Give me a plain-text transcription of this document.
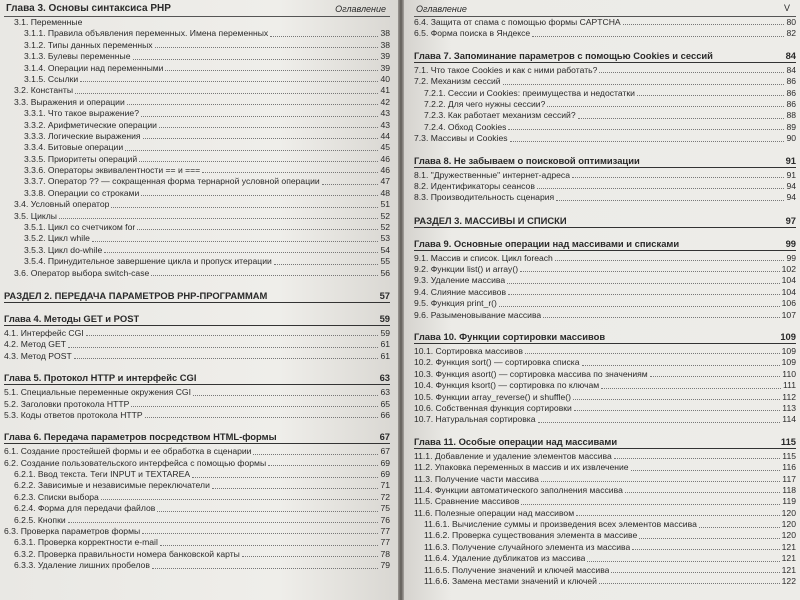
Глава 3. Основы синтаксиса PHP	Оглавление
3.1. Переменные
3.1.1. Правила объявления переменных. Имена переменных	38
3.1.2. Типы данных переменных	38
3.1.3. Булевы переменные	39
3.1.4. Операции над переменными	39
3.1.5. Ссылки	40
3.2. Константы	41
3.3. Выражения и операции	42
3.3.1. Что такое выражение?	43
3.3.2. Арифметические операции	43
3.3.3. Логические выражения	44
3.3.4. Битовые операции	45
3.3.5. Приоритеты операций	46
3.3.6. Операторы эквивалентности == и ===	46
3.3.7. Оператор ?? — сокращенная форма тернарной условной операции	47
3.3.8. Операции со строками	48
3.4. Условный оператор	51
3.5. Циклы	52
3.5.1. Цикл со счетчиком for	52
3.5.2. Цикл while	53
3.5.3. Цикл do-while	54
3.5.4. Принудительное завершение цикла и пропуск итерации	55
3.6. Оператор выбора switch-case	56
РАЗДЕЛ 2. ПЕРЕДАЧА ПАРАМЕТРОВ PHP-ПРОГРАММАМ	57
Глава 4. Методы GET и POST	59
4.1. Интерфейс CGI	59
4.2. Метод GET	61
4.3. Метод POST	61
Глава 5. Протокол HTTP и интерфейс CGI	63
5.1. Специальные переменные окружения CGI	63
5.2. Заголовки протокола HTTP	65
5.3. Коды ответов протокола HTTP	66
Глава 6. Передача параметров посредством HTML-формы	67
6.1. Создание простейшей формы и ее обработка в сценарии	67
6.2. Создание пользовательского интерфейса с помощью формы	69
6.2.1. Ввод текста. Теги INPUT и TEXTAREA	69
6.2.2. Зависимые и независимые переключатели	71
6.2.3. Списки выбора	72
6.2.4. Форма для передачи файлов	75
6.2.5. Кнопки	76
6.3. Проверка параметров формы	77
6.3.1. Проверка корректности e-mail	77
6.3.2. Проверка правильности номера банковской карты	78
6.3.3. Удаление лишних пробелов	79
Оглавление	V
6.4. Защита от спама с помощью формы CAPTCHA	80
6.5. Форма поиска в Яндексе	82
Глава 7. Запоминание параметров с помощью Cookies и сессий	84
7.1. Что такое Cookies и как с ними работать?	84
7.2. Механизм сессий	86
7.2.1. Сессии и Cookies: преимущества и недостатки	86
7.2.2. Для чего нужны сессии?	86
7.2.3. Как работает механизм сессий?	88
7.2.4. Обход Cookies	89
7.3. Массивы и Cookies	90
Глава 8. Не забываем о поисковой оптимизации	91
8.1. "Дружественные" интернет-адреса	91
8.2. Идентификаторы сеансов	94
8.3. Производительность сценария	94
РАЗДЕЛ 3. МАССИВЫ И СПИСКИ	97
Глава 9. Основные операции над массивами и списками	99
9.1. Массив и список. Цикл foreach	99
9.2. Функции list() и array()	102
9.3. Удаление массива	104
9.4. Слияние массивов	104
9.5. Функция print_r()	106
9.6. Разыменовывание массива	107
Глава 10. Функции сортировки массивов	109
10.1. Сортировка массивов	109
10.2. Функция sort() — сортировка списка	109
10.3. Функция asort() — сортировка массива по значениям	110
10.4. Функция ksort() — сортировка по ключам	111
10.5. Функции array_reverse() и shuffle()	112
10.6. Собственная функция сортировки	113
10.7. Натуральная сортировка	114
Глава 11. Особые операции над массивами	115
11.1. Добавление и удаление элементов массива	115
11.2. Упаковка переменных в массив и их извлечение	116
11.3. Получение части массива	117
11.4. Функции автоматического заполнения массива	118
11.5. Сравнение массивов	119
11.6. Полезные операции над массивом	120
11.6.1. Вычисление суммы и произведения всех элементов массива	120
11.6.2. Проверка существования элемента в массиве	120
11.6.3. Получение случайного элемента из массива	121
11.6.4. Удаление дубликатов из массива	121
11.6.5. Получение значений и ключей массива	121
11.6.6. Замена местами значений и ключей	122
